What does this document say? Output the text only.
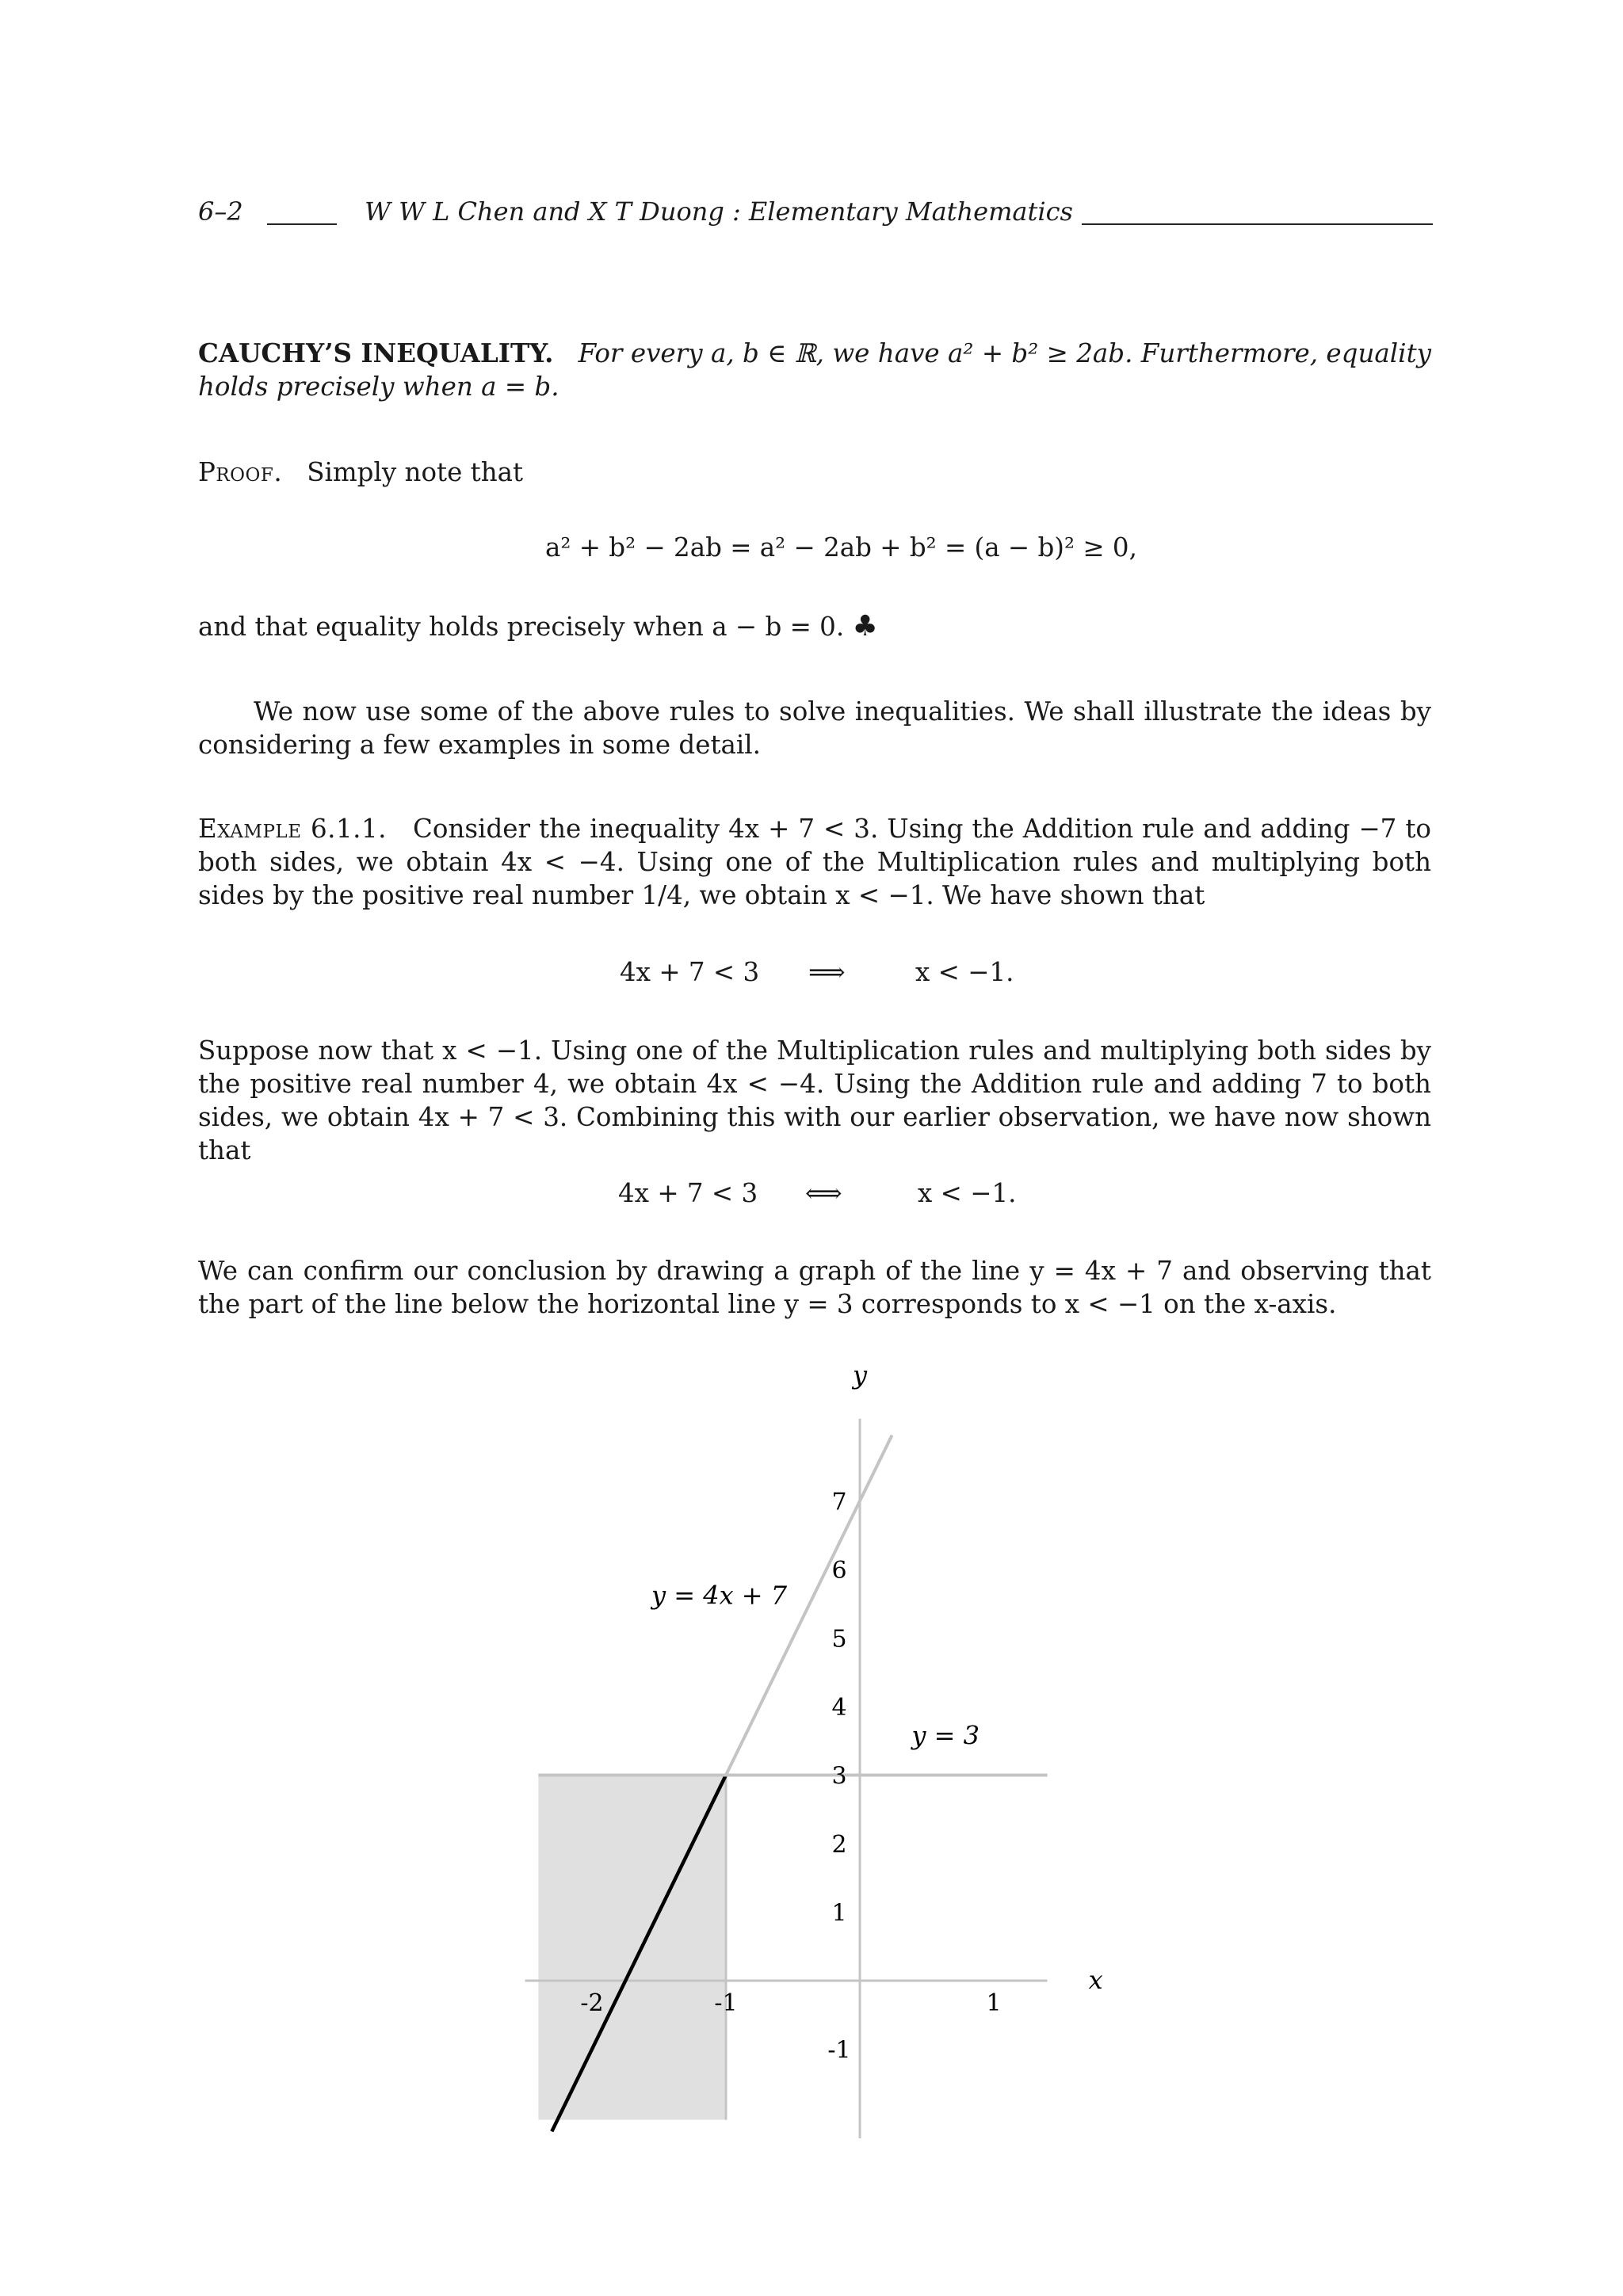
6–2	W W L Chen and X T Duong : Elementary Mathematics
CAUCHY’S INEQUALITY. For every a, b ∈ ℝ, we have a² + b² ≥ 2ab. Furthermore, equality holds precisely when a = b.
Proof. Simply note that
a² + b² − 2ab = a² − 2ab + b² = (a − b)² ≥ 0,
and that equality holds precisely when a − b = 0. ♣
We now use some of the above rules to solve inequalities. We shall illustrate the ideas by considering a few examples in some detail.
Example 6.1.1. Consider the inequality 4x + 7 < 3. Using the Addition rule and adding −7 to both sides, we obtain 4x < −4. Using one of the Multiplication rules and multiplying both sides by the positive real number 1/4, we obtain x < −1. We have shown that
4x + 7 < 3 ⟹	x < −1.
Suppose now that x < −1. Using one of the Multiplication rules and multiplying both sides by the positive real number 4, we obtain 4x < −4. Using the Addition rule and adding 7 to both sides, we obtain 4x + 7 < 3. Combining this with our earlier observation, we have now shown that
4x + 7 < 3 ⟺	x < −1.
We can confirm our conclusion by drawing a graph of the line y = 4x + 7 and observing that the part of the line below the horizontal line y = 3 corresponds to x < −1 on the x-axis.
-2	-1	1
-1
1
2
3
4
5
6
7
x
y
y = 4x + 7
y = 3
